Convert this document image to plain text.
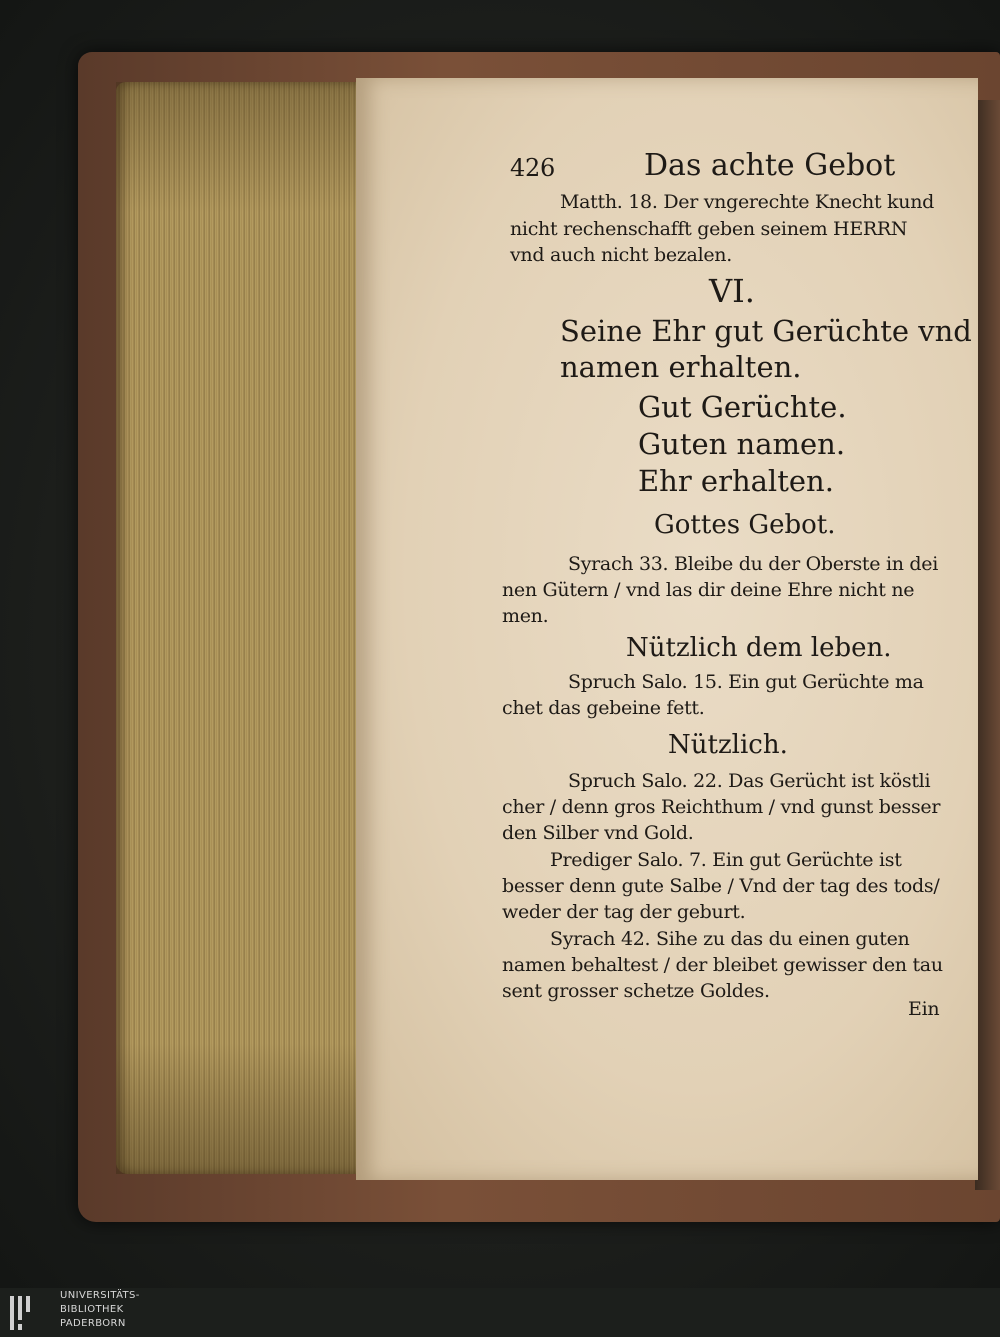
426	Das achte Gebot
Matth. 18. Der vngerechte Knecht kund
nicht rechenschafft geben seinem HERRN
vnd auch nicht bezalen.
VI.
Seine Ehr gut Gerüchte vnd
namen erhalten.
Gut Gerüchte.
Guten namen.
Ehr erhalten.
Gottes Gebot.
Syrach 33. Bleibe du der Oberste in dei
nen Gütern / vnd las dir deine Ehre nicht ne
men.
Nützlich dem leben.
Spruch Salo. 15. Ein gut Gerüchte ma
chet das gebeine fett.
Nützlich.
Spruch Salo. 22. Das Gerücht ist köstli
cher / denn gros Reichthum / vnd gunst besser
den Silber vnd Gold.
Prediger Salo. 7. Ein gut Gerüchte ist
besser denn gute Salbe / Vnd der tag des tods/
weder der tag der geburt.
Syrach 42. Sihe zu das du einen guten
namen behaltest / der bleibet gewisser den tau
sent grosser schetze Goldes.
Ein
UNIVERSITÄTS-
BIBLIOTHEK
PADERBORN
